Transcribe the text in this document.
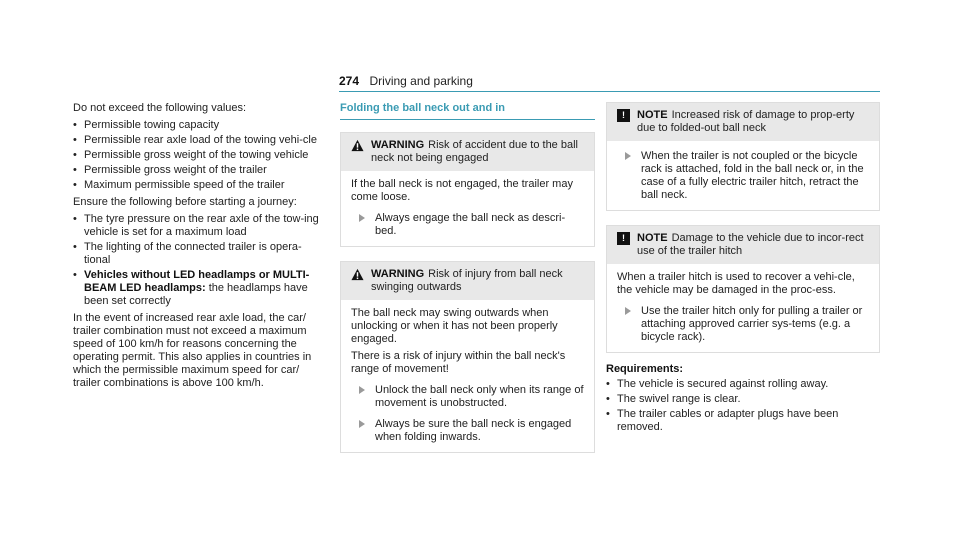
274 Driving and parking

Do not exceed the following values:

• Permissible towing capacity
• Permissible rear axle load of the towing vehi-cle
• Permissible gross weight of the towing vehicle
• Permissible gross weight of the trailer
• Maximum permissible speed of the trailer

Ensure the following before starting a journey:

• The tyre pressure on the rear axle of the tow-ing vehicle is set for a maximum load
• The lighting of the connected trailer is opera-tional
• Vehicles without LED headlamps or MULTI-BEAM LED headlamps: the headlamps have been set correctly

In the event of increased rear axle load, the car/ trailer combination must not exceed a maximum speed of 100 km/h for reasons concerning the operating permit. This also applies in countries in which the permissible maximum speed for car/ trailer combinations is above 100 km/h.

Folding the ball neck out and in
WARNING Risk of accident due to the ball neck not being engaged

If the ball neck is not engaged, the trailer may come loose.

Always engage the ball neck as descri-bed.
WARNING Risk of injury from ball neck swinging outwards

The ball neck may swing outwards when unlocking or when it has not been properly engaged.

There is a risk of injury within the ball neck's range of movement!

Unlock the ball neck only when its range of movement is unobstructed.
Always be sure the ball neck is engaged when folding inwards.
!	NOTE Increased risk of damage to prop-erty due to folded-out ball neck
When the trailer is not coupled or the bicycle rack is attached, fold in the ball neck or, in the case of a fully electric trailer hitch, retract the ball neck.
!	NOTE Damage to the vehicle due to incor-rect use of the trailer hitch

When a trailer hitch is used to recover a vehi-cle, the vehicle may be damaged in the proc-ess.

Use the trailer hitch only for pulling a trailer or attaching approved carrier sys-tems (e.g. a bicycle rack).
Requirements:
• The vehicle is secured against rolling away.
• The swivel range is clear.
• The trailer cables or adapter plugs have been removed.
